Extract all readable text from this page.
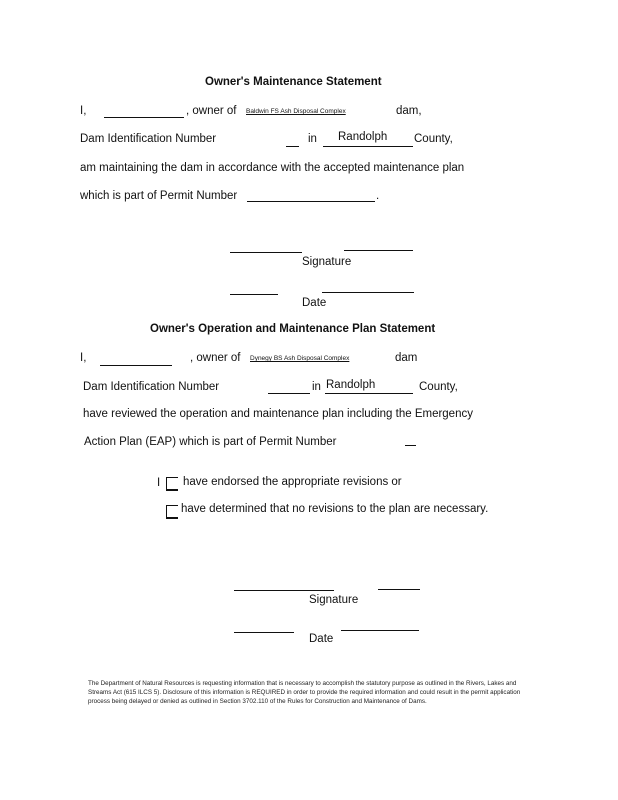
Owner's Maintenance Statement
I,	, owner of Baldwin FS Ash Disposal Complex	dam,
Dam Identification Number	in Randolph County,
am maintaining the dam in accordance with the accepted maintenance plan
which is part of Permit Number	.
Signature
Date
Owner's Operation and Maintenance Plan Statement
I,	, owner of Dynegy BS Ash Disposal Complex	dam
Dam Identification Number	in Randolph	County,
have reviewed the operation and maintenance plan including the Emergency
Action Plan (EAP) which is part of Permit Number
I have endorsed the appropriate revisions or
have determined that no revisions to the plan are necessary.
Signature
Date
The Department of Natural Resources is requesting information that is necessary to accomplish the statutory purpose as outlined in the Rivers, Lakes and Streams Act (615 ILCS 5). Disclosure of this information is REQUIRED in order to provide the required information and could result in the permit application process being delayed or denied as outlined in Section 3702.110 of the Rules for Construction and Maintenance of Dams.
